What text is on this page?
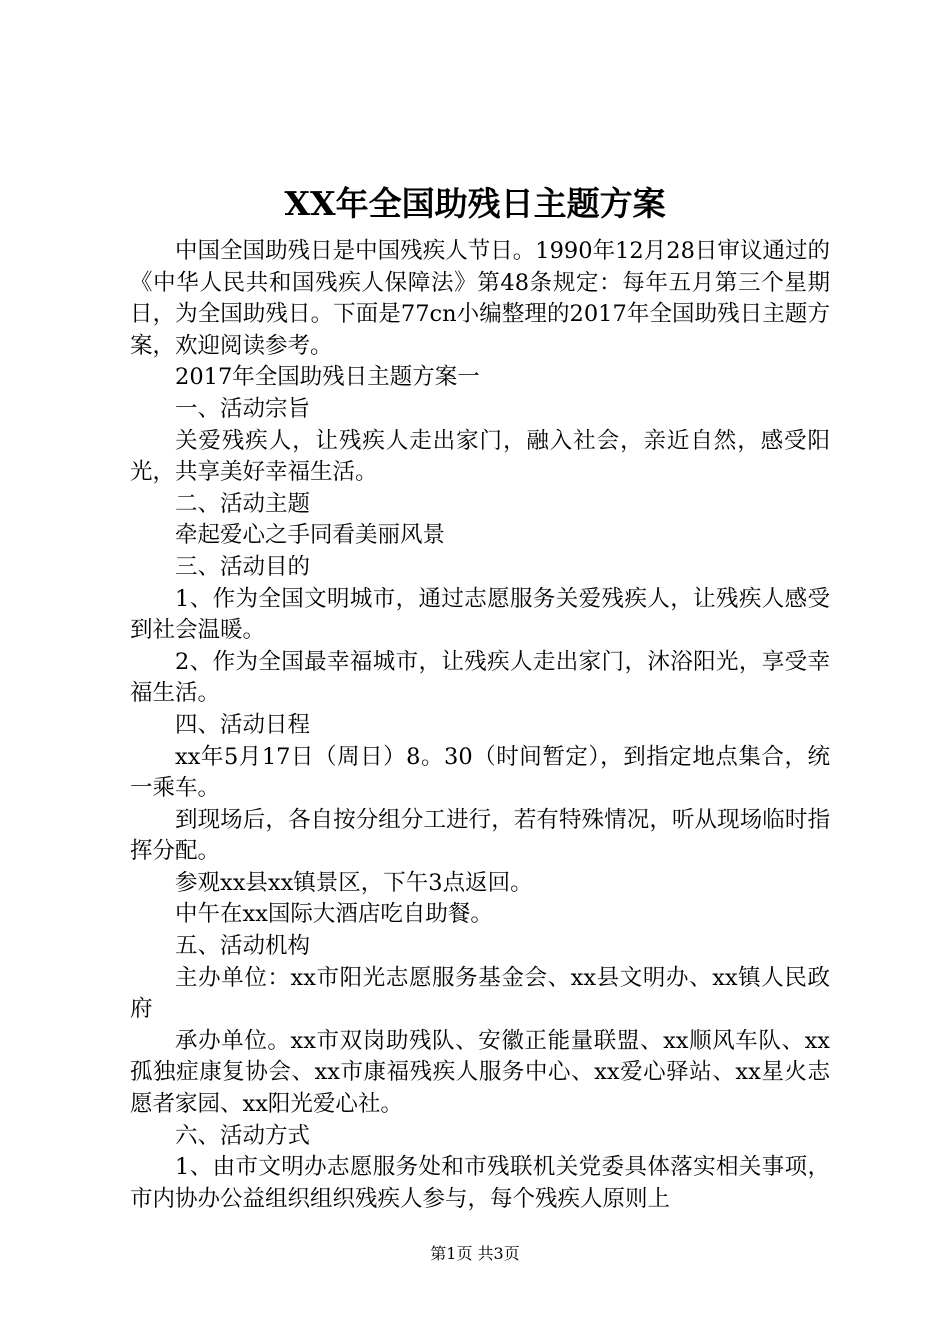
XX年全国助残日主题方案

中国全国助残日是中国残疾人节日。1990年12月28日审议通过的《中华人民共和国残疾人保障法》第48条规定：每年五月第三个星期日，为全国助残日。下面是77cn小编整理的2017年全国助残日主题方案，欢迎阅读参考。

2017年全国助残日主题方案一

一、活动宗旨

关爱残疾人，让残疾人走出家门，融入社会，亲近自然，感受阳光，共享美好幸福生活。

二、活动主题

牵起爱心之手同看美丽风景

三、活动目的

1、作为全国文明城市，通过志愿服务关爱残疾人，让残疾人感受到社会温暖。

2、作为全国最幸福城市，让残疾人走出家门，沐浴阳光，享受幸福生活。

四、活动日程

xx年5月17日（周日）8。30（时间暂定），到指定地点集合，统一乘车。

到现场后，各自按分组分工进行，若有特殊情况，听从现场临时指挥分配。

参观xx县xx镇景区，下午3点返回。

中午在xx国际大酒店吃自助餐。

五、活动机构

主办单位：xx市阳光志愿服务基金会、xx县文明办、xx镇人民政府

承办单位。xx市双岗助残队、安徽正能量联盟、xx顺风车队、xx孤独症康复协会、xx市康福残疾人服务中心、xx爱心驿站、xx星火志愿者家园、xx阳光爱心社。

六、活动方式

1、由市文明办志愿服务处和市残联机关党委具体落实相关事项，市内协办公益组织组织残疾人参与，每个残疾人原则上

第1页 共3页
